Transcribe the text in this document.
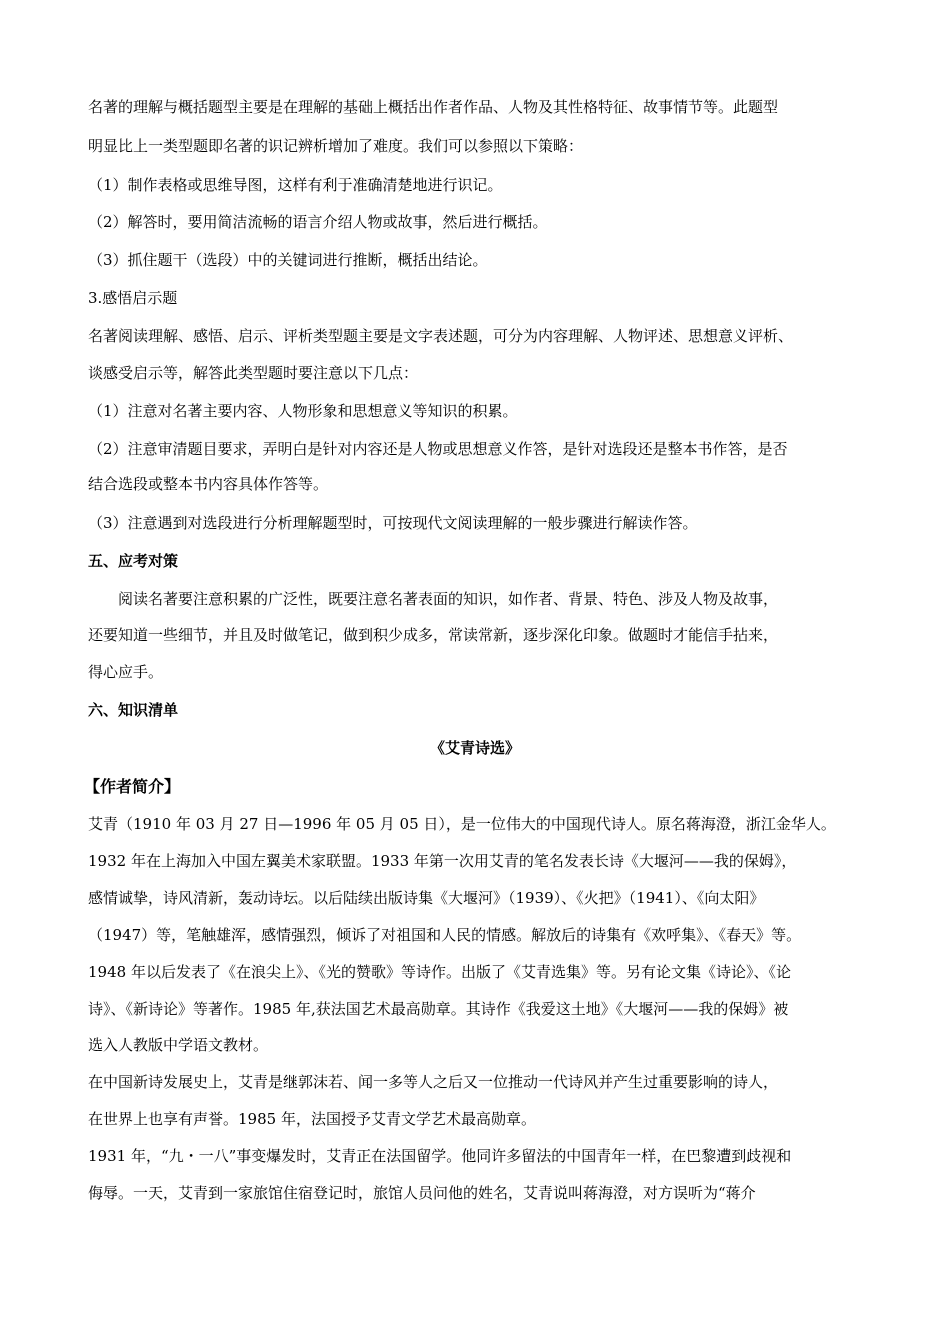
名著的理解与概括题型主要是在理解的基础上概括出作者作品、人物及其性格特征、故事情节等。此题型
明显比上一类型题即名著的识记辨析增加了难度。我们可以参照以下策略：
（1）制作表格或思维导图，这样有利于准确清楚地进行识记。
（2）解答时，要用简洁流畅的语言介绍人物或故事，然后进行概括。
（3）抓住题干（选段）中的关键词进行推断，概括出结论。
3.感悟启示题
名著阅读理解、感悟、启示、评析类型题主要是文字表述题，可分为内容理解、人物评述、思想意义评析、
谈感受启示等，解答此类型题时要注意以下几点：
（1）注意对名著主要内容、人物形象和思想意义等知识的积累。
（2）注意审清题目要求，弄明白是针对内容还是人物或思想意义作答，是针对选段还是整本书作答，是否
结合选段或整本书内容具体作答等。
（3）注意遇到对选段进行分析理解题型时，可按现代文阅读理解的一般步骤进行解读作答。
五、应考对策
阅读名著要注意积累的广泛性，既要注意名著表面的知识，如作者、背景、特色、涉及人物及故事，
还要知道一些细节，并且及时做笔记，做到积少成多，常读常新，逐步深化印象。做题时才能信手拈来，
得心应手。
六、知识清单
《艾青诗选》
【作者简介】
艾青（1910 年 03 月 27 日—1996 年 05 月 05 日），是一位伟大的中国现代诗人。原名蒋海澄，浙江金华人。
1932 年在上海加入中国左翼美术家联盟。1933 年第一次用艾青的笔名发表长诗《大堰河——我的保姆》，
感情诚挚，诗风清新，轰动诗坛。以后陆续出版诗集《大堰河》（1939）、《火把》（1941）、《向太阳》
（1947）等，笔触雄浑，感情强烈，倾诉了对祖国和人民的情感。解放后的诗集有《欢呼集》、《春天》等。
1948 年以后发表了《在浪尖上》、《光的赞歌》等诗作。出版了《艾青选集》等。另有论文集《诗论》、《论
诗》、《新诗论》等著作。1985 年,获法国艺术最高勋章。其诗作《我爱这土地》《大堰河——我的保姆》被
选入人教版中学语文教材。
在中国新诗发展史上，艾青是继郭沫若、闻一多等人之后又一位推动一代诗风并产生过重要影响的诗人，
在世界上也享有声誉。1985 年，法国授予艾青文学艺术最高勋章。
1931 年，“九・一八”事变爆发时，艾青正在法国留学。他同许多留法的中国青年一样，在巴黎遭到歧视和
侮辱。一天，艾青到一家旅馆住宿登记时，旅馆人员问他的姓名，艾青说叫蒋海澄，对方误听为“蒋介
